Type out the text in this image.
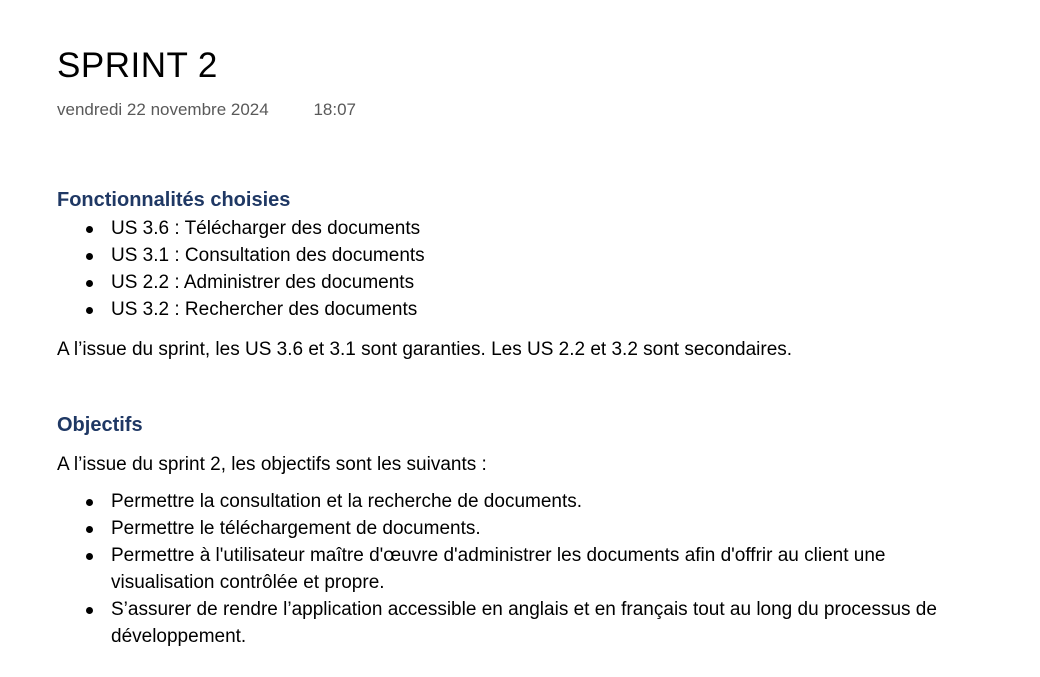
SPRINT 2
vendredi 22 novembre 2024	18:07
Fonctionnalités choisies
US 3.6 : Télécharger des documents
US 3.1 : Consultation des documents
US 2.2 : Administrer des documents
US 3.2 : Rechercher des documents
A l’issue du sprint, les US 3.6 et 3.1 sont garanties. Les US 2.2 et 3.2 sont secondaires.
Objectifs
A l’issue du sprint 2, les objectifs sont les suivants :
Permettre la consultation et la recherche de documents.
Permettre le téléchargement de documents.
Permettre à l'utilisateur maître d'œuvre d'administrer les documents afin d'offrir au client une visualisation contrôlée et propre.
S’assurer de rendre l’application accessible en anglais et en français tout au long du processus de développement.
